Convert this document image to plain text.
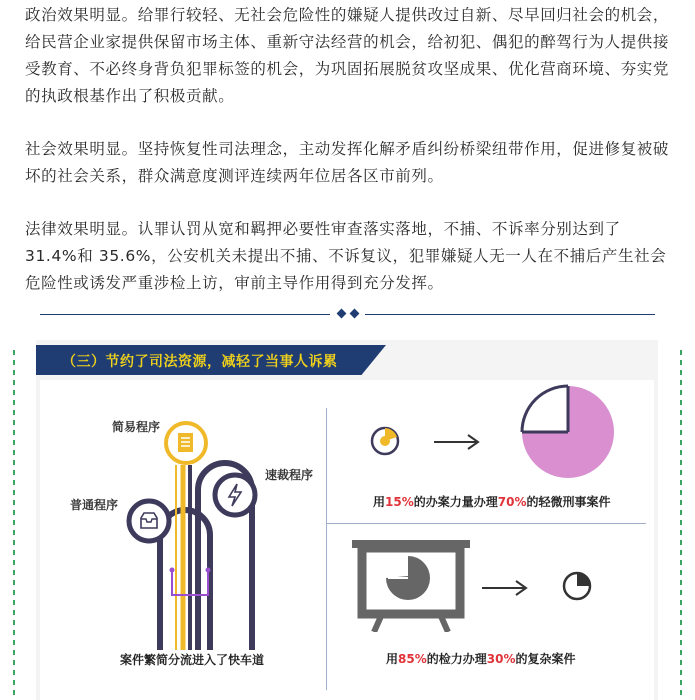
政治效果明显。给罪行较轻、无社会危险性的嫌疑人提供改过自新、尽早回归社会的机会，给民营企业家提供保留市场主体、重新守法经营的机会，给初犯、偶犯的醉驾行为人提供接受教育、不必终身背负犯罪标签的机会，为巩固拓展脱贫攻坚成果、优化营商环境、夯实党的执政根基作出了积极贡献。

社会效果明显。坚持恢复性司法理念，主动发挥化解矛盾纠纷桥梁纽带作用，促进修复被破坏的社会关系，群众满意度测评连续两年位居各区市前列。

法律效果明显。认罪认罚从宽和羁押必要性审查落实落地，不捕、不诉率分别达到了 31.4%和 35.6%，公安机关未提出不捕、不诉复议，犯罪嫌疑人无一人在不捕后产生社会危险性或诱发严重涉检上访，审前主导作用得到充分发挥。

（三）节约了司法资源，减轻了当事人诉累
简易程序
速裁程序
普通程序
案件繁简分流进入了快车道
用15%的办案力量办理70%的轻微刑事案件
用85%的检力办理30%的复杂案件
